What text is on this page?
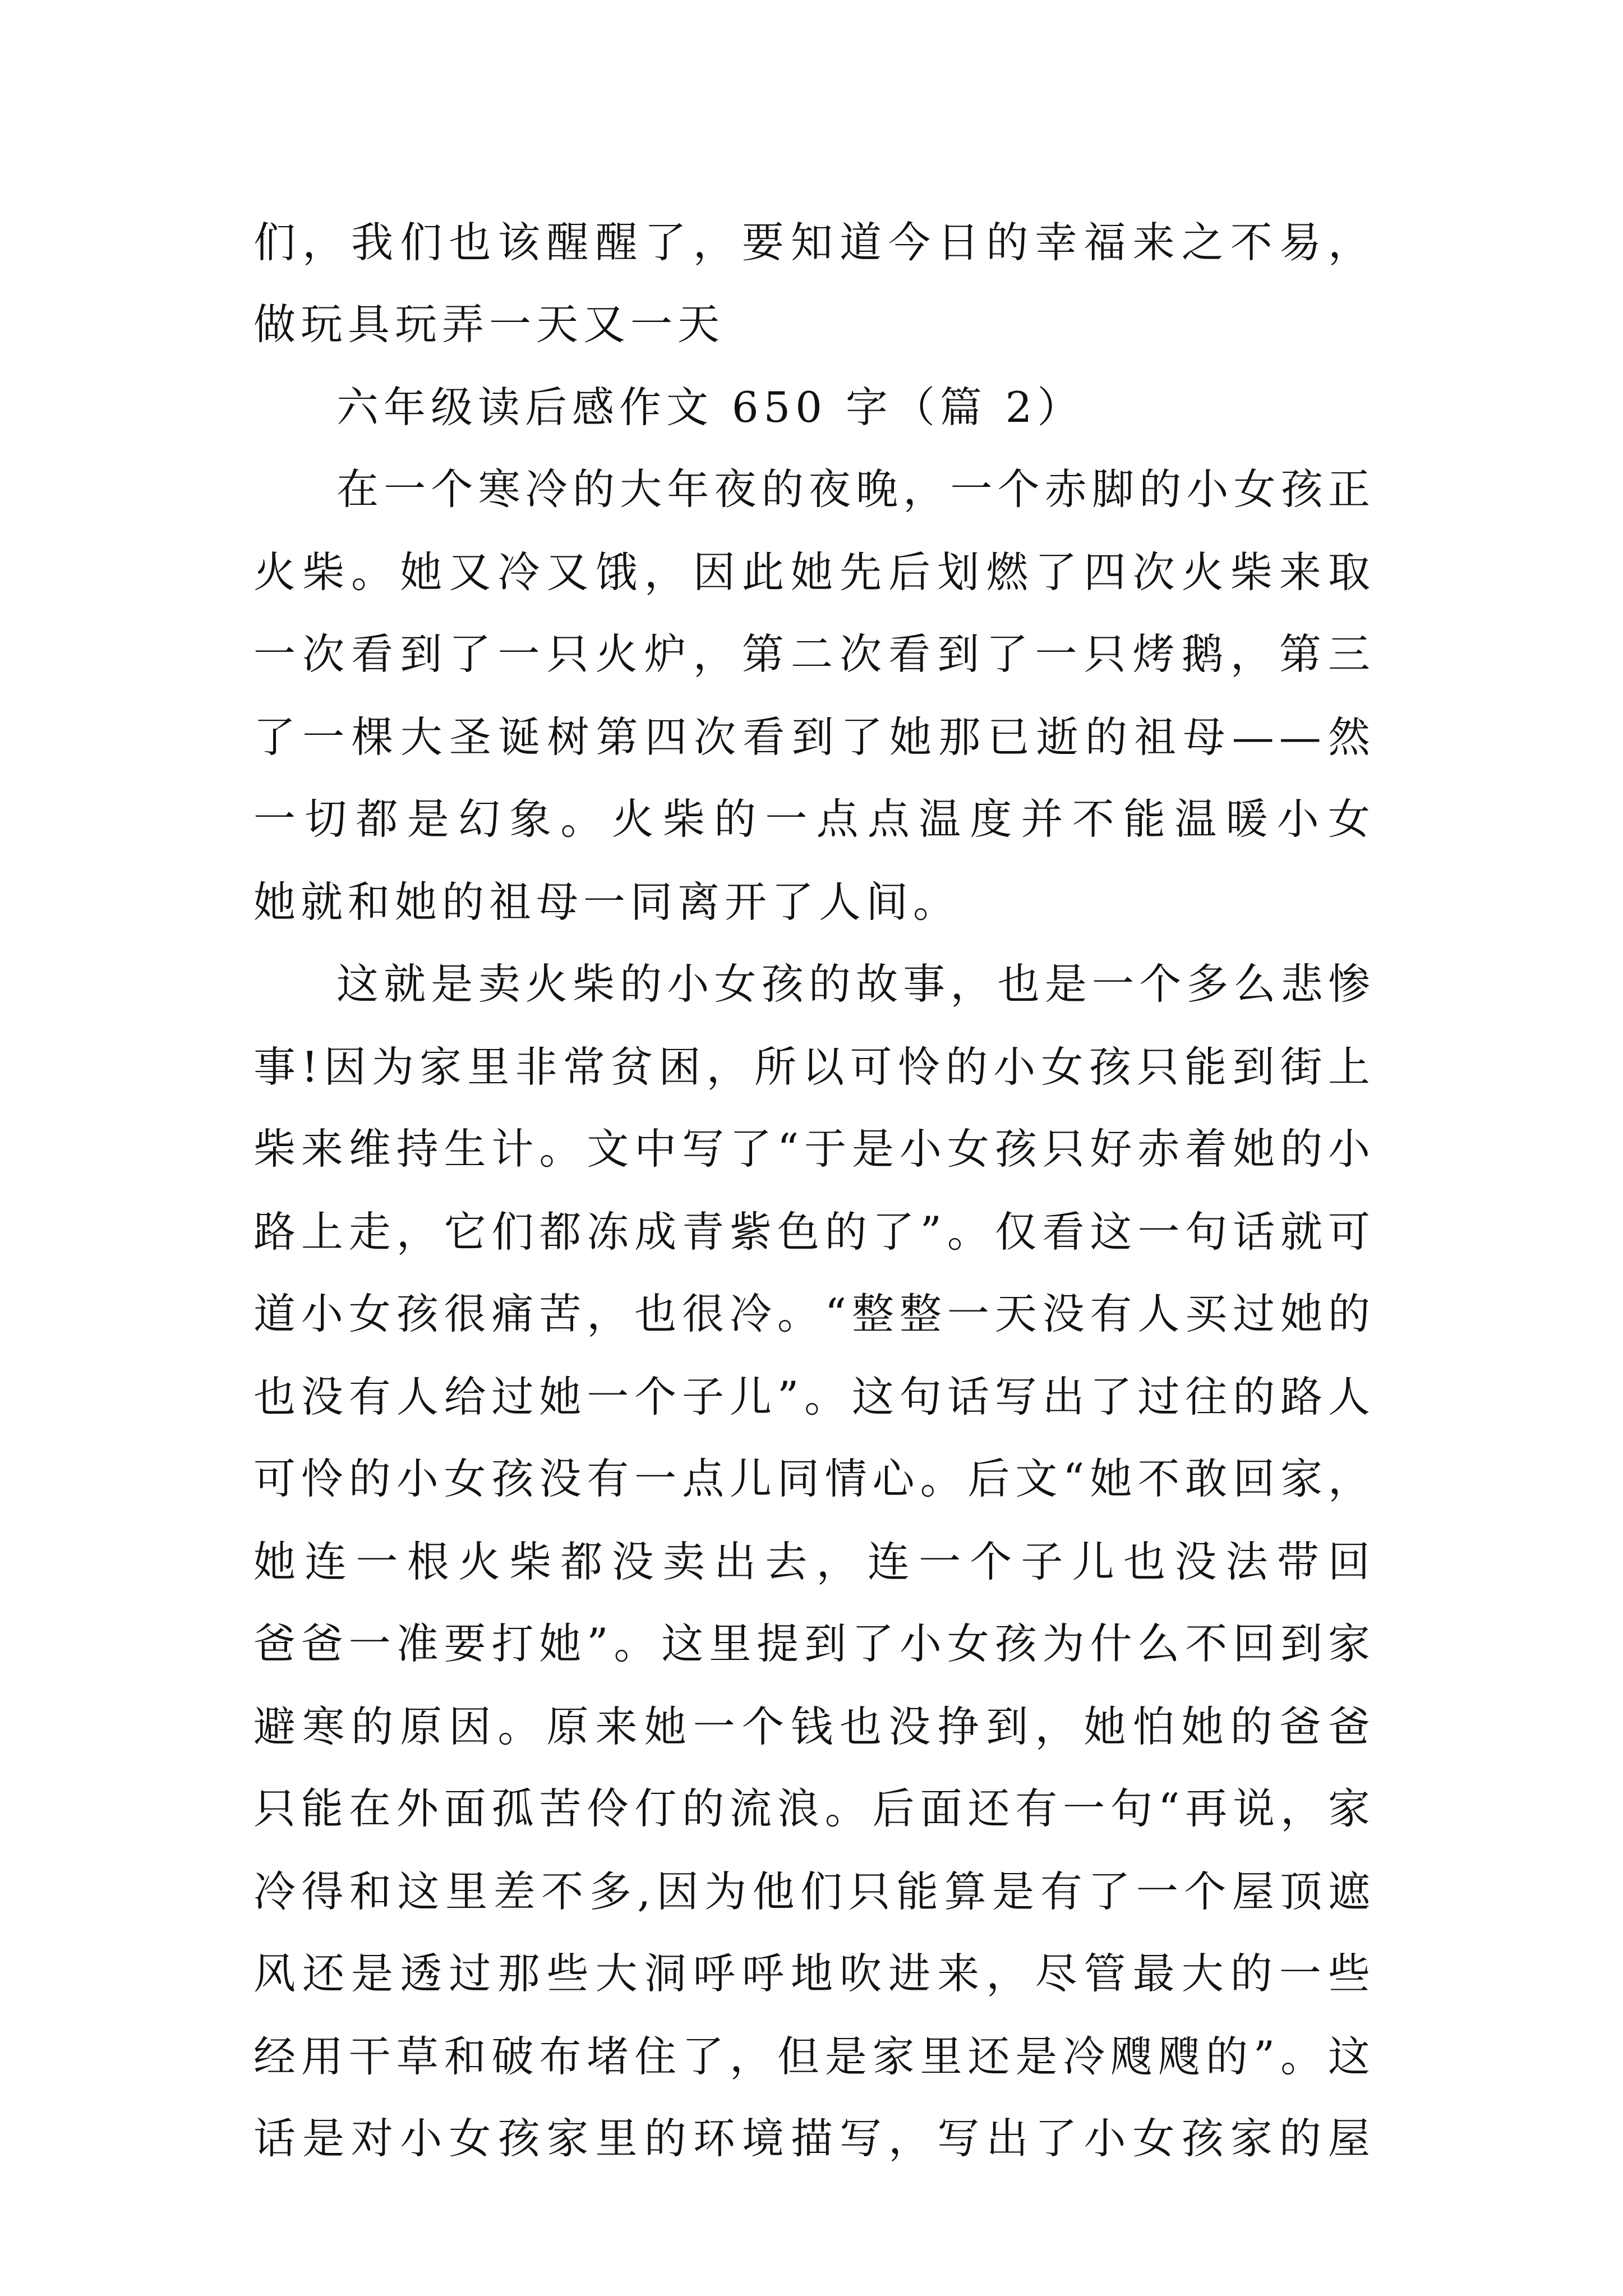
们，我们也该醒醒了，要知道今日的幸福来之不易，
做玩具玩弄一天又一天
六年级读后感作文 650 字（篇 2）
在一个寒冷的大年夜的夜晚，一个赤脚的小女孩正
火柴。她又冷又饿，因此她先后划燃了四次火柴来取
一次看到了一只火炉，第二次看到了一只烤鹅，第三
了一棵大圣诞树第四次看到了她那已逝的祖母——然
一切都是幻象。火柴的一点点温度并不能温暖小女
她就和她的祖母一同离开了人间。
这就是卖火柴的小女孩的故事，也是一个多么悲惨
事!因为家里非常贫困，所以可怜的小女孩只能到街上
柴来维持生计。文中写了“于是小女孩只好赤着她的小
路上走，它们都冻成青紫色的了”。仅看这一句话就可
道小女孩很痛苦，也很冷。“整整一天没有人买过她的
也没有人给过她一个子儿”。这句话写出了过往的路人
可怜的小女孩没有一点儿同情心。后文“她不敢回家，
她连一根火柴都没卖出去，连一个子儿也没法带回
爸爸一准要打她”。这里提到了小女孩为什么不回到家
避寒的原因。原来她一个钱也没挣到，她怕她的爸爸
只能在外面孤苦伶仃的流浪。后面还有一句“再说，家
冷得和这里差不多,因为他们只能算是有了一个屋顶遮
风还是透过那些大洞呼呼地吹进来，尽管最大的一些
经用干草和破布堵住了，但是家里还是冷飕飕的”。这
话是对小女孩家里的环境描写，写出了小女孩家的屋
